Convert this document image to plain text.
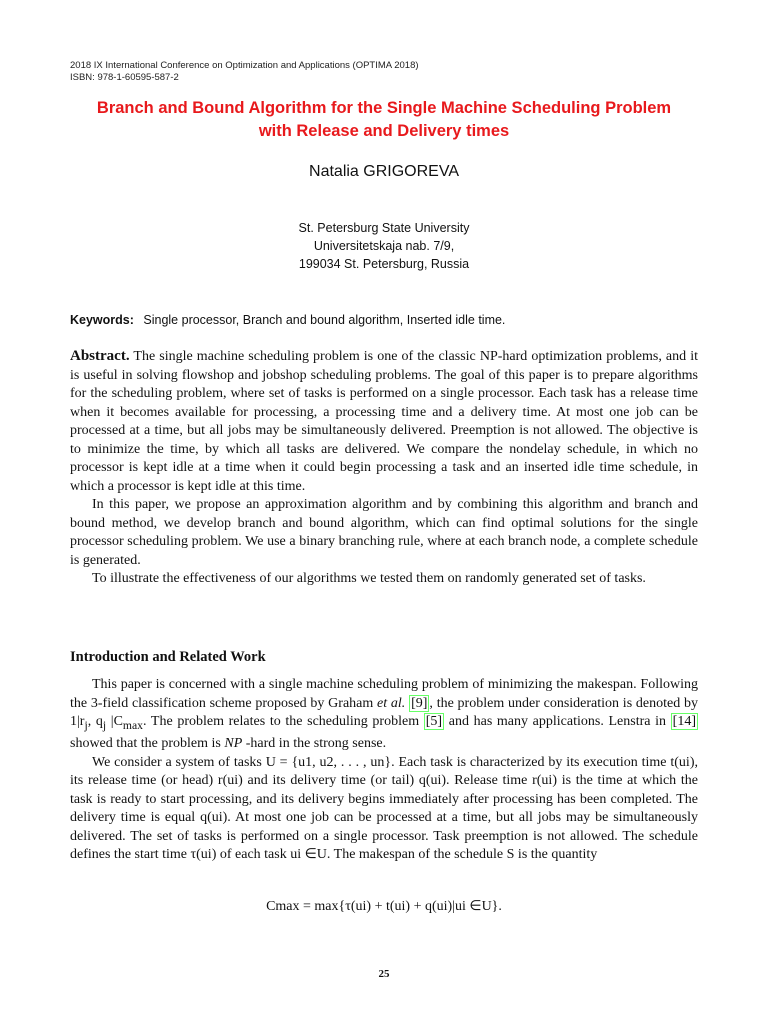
2018 IX International Conference on Optimization and Applications (OPTIMA 2018)
ISBN: 978-1-60595-587-2
Branch and Bound Algorithm for the Single Machine Scheduling Problem
with Release and Delivery times
Natalia GRIGOREVA
St. Petersburg State University
Universitetskaja nab. 7/9,
199034 St. Petersburg, Russia
Keywords: Single processor, Branch and bound algorithm, Inserted idle time.

Abstract. The single machine scheduling problem is one of the classic NP-hard optimization problems, and it is useful in solving flowshop and jobshop scheduling problems. The goal of this paper is to prepare algorithms for the scheduling problem, where set of tasks is performed on a single processor. Each task has a release time when it becomes available for processing, a processing time and a delivery time. At most one job can be processed at a time, but all jobs may be simultaneously delivered. Preemption is not allowed. The objective is to minimize the time, by which all tasks are delivered. We compare the nondelay schedule, in which no processor is kept idle at a time when it could begin processing a task and an inserted idle time schedule, in which a processor is kept idle at this time.

In this paper, we propose an approximation algorithm and by combining this algorithm and branch and bound method, we develop branch and bound algorithm, which can find optimal solutions for the single processor scheduling problem. We use a binary branching rule, where at each branch node, a complete schedule is generated.

To illustrate the effectiveness of our algorithms we tested them on randomly generated set of tasks.

Introduction and Related Work

This paper is concerned with a single machine scheduling problem of minimizing the makespan. Following the 3-field classification scheme proposed by Graham et al. [9] , the problem under consideration is denoted by $1|r_j$, $q_j$ $|C_{max}$. The problem relates to the scheduling problem [5] and has many applications. Lenstra in [14] showed that the problem is NP -hard in the strong sense.

We consider a system of tasks U = {u1, u2, . . . , un}. Each task is characterized by its execution time t(ui), its release time (or head) r(ui) and its delivery time (or tail) q(ui). Release time r(ui) is the time at which the task is ready to start processing, and its delivery begins immediately after processing has been completed. The delivery time is equal q(ui). At most one job can be processed at a time, but all jobs may be simultaneously delivered. The set of tasks is performed on a single processor. Task preemption is not allowed. The schedule defines the start time τ(ui) of each task ui ∈U. The makespan of the schedule S is the quantity

Cmax = max{τ(ui) + t(ui) + q(ui)|ui ∈U}.
25
